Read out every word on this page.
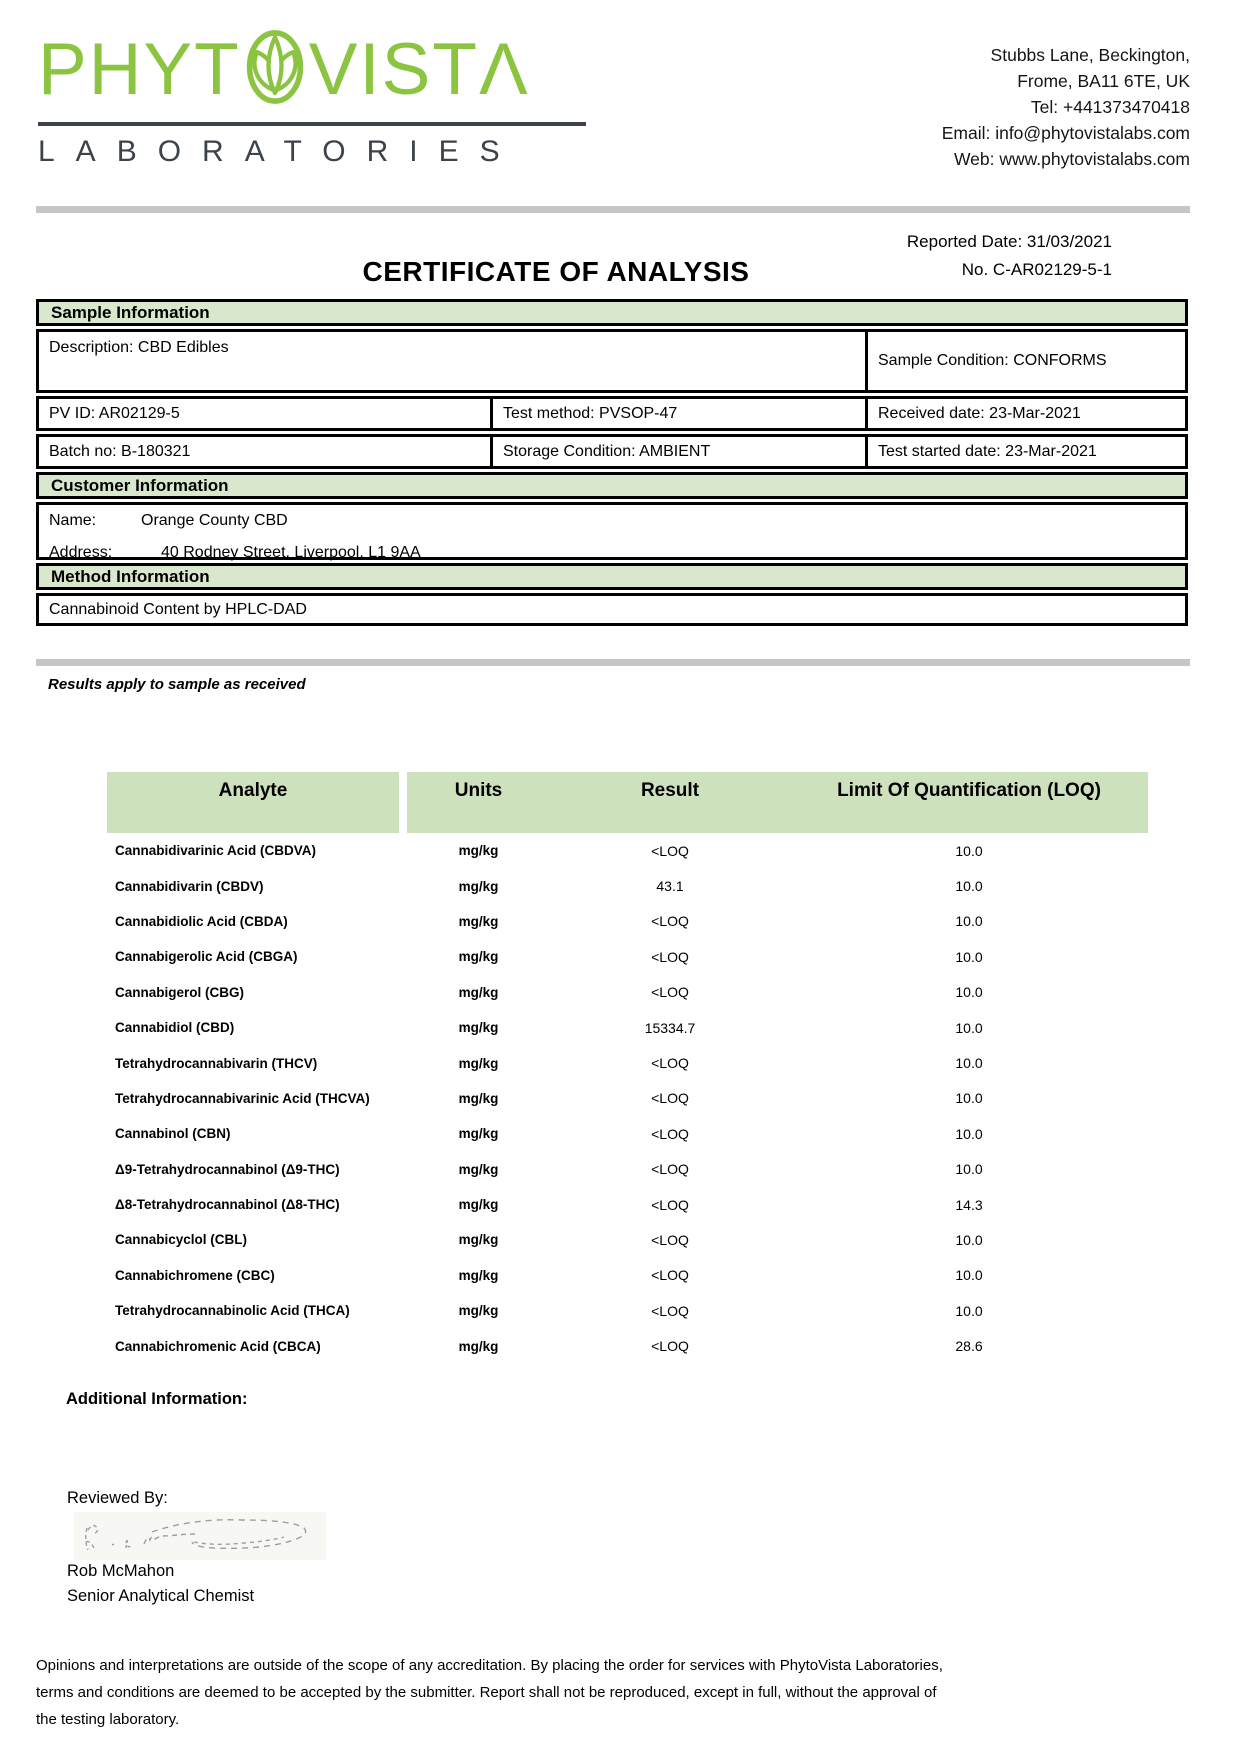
PHYT VIST Λ
LABORATORIES
Stubbs Lane, Beckington,
Frome, BA11 6TE, UK
Tel: +441373470418
Email: info@phytovistalabs.com
Web: www.phytovistalabs.com
CERTIFICATE OF ANALYSIS
Reported Date: 31/03/2021
No. C-AR02129-5-1
Sample Information
Description: CBD Edibles
Sample Condition: CONFORMS
PV ID: AR02129-5	Test method: PVSOP-47	Received date: 23-Mar-2021
Batch no: B-180321	Storage Condition: AMBIENT	Test started date: 23-Mar-2021
Customer Information
Name:	Orange County CBD
Address:	40 Rodney Street, Liverpool, L1 9AA
Method Information
Cannabinoid Content by HPLC-DAD
Results apply to sample as received
Analyte	Units	Result	Limit Of Quantification (LOQ)
Cannabidivarinic Acid (CBDVA)	mg/kg	<LOQ	10.0
Cannabidivarin (CBDV)	mg/kg	43.1	10.0
Cannabidiolic Acid (CBDA)	mg/kg	<LOQ	10.0
Cannabigerolic Acid (CBGA)	mg/kg	<LOQ	10.0
Cannabigerol (CBG)	mg/kg	<LOQ	10.0
Cannabidiol (CBD)	mg/kg	15334.7	10.0
Tetrahydrocannabivarin (THCV)	mg/kg	<LOQ	10.0
Tetrahydrocannabivarinic Acid (THCVA)	mg/kg	<LOQ	10.0
Cannabinol (CBN)	mg/kg	<LOQ	10.0
Δ9-Tetrahydrocannabinol (Δ9-THC)	mg/kg	<LOQ	10.0
Δ8-Tetrahydrocannabinol (Δ8-THC)	mg/kg	<LOQ	14.3
Cannabicyclol (CBL)	mg/kg	<LOQ	10.0
Cannabichromene (CBC)	mg/kg	<LOQ	10.0
Tetrahydrocannabinolic Acid (THCA)	mg/kg	<LOQ	10.0
Cannabichromenic Acid (CBCA)	mg/kg	<LOQ	28.6
Additional Information:
Reviewed By:
Rob McMahon
Senior Analytical Chemist
Opinions and interpretations are outside of the scope of any accreditation. By placing the order for services with PhytoVista Laboratories,
terms and conditions are deemed to be accepted by the submitter. Report shall not be reproduced, except in full, without the approval of
the testing laboratory.
